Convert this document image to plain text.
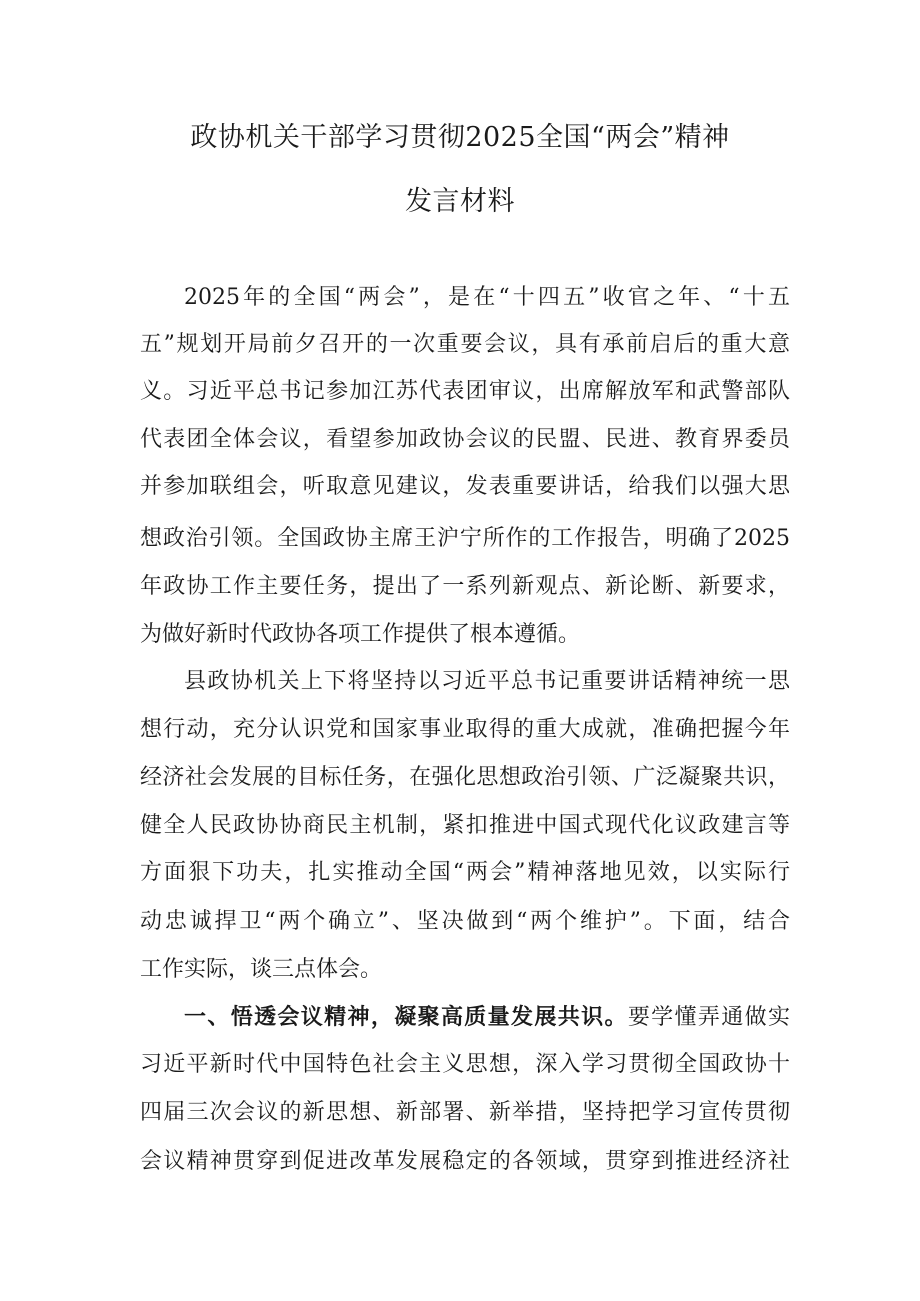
政协机关干部学习贯彻2025全国“两会”精神
发言材料
2025年的全国“两会”，是在“十四五”收官之年、“十五
五”规划开局前夕召开的一次重要会议，具有承前启后的重大意
义。习近平总书记参加江苏代表团审议，出席解放军和武警部队
代表团全体会议，看望参加政协会议的民盟、民进、教育界委员
并参加联组会，听取意见建议，发表重要讲话，给我们以强大思
想政治引领。全国政协主席王沪宁所作的工作报告，明确了2025
年政协工作主要任务，提出了一系列新观点、新论断、新要求，
为做好新时代政协各项工作提供了根本遵循。
县政协机关上下将坚持以习近平总书记重要讲话精神统一思
想行动，充分认识党和国家事业取得的重大成就，准确把握今年
经济社会发展的目标任务，在强化思想政治引领、广泛凝聚共识，
健全人民政协协商民主机制，紧扣推进中国式现代化议政建言等
方面狠下功夫，扎实推动全国“两会”精神落地见效，以实际行
动忠诚捍卫“两个确立”、坚决做到“两个维护”。下面，结合
工作实际，谈三点体会。
一、悟透会议精神，凝聚高质量发展共识。要学懂弄通做实
习近平新时代中国特色社会主义思想，深入学习贯彻全国政协十
四届三次会议的新思想、新部署、新举措，坚持把学习宣传贯彻
会议精神贯穿到促进改革发展稳定的各领域，贯穿到推进经济社
